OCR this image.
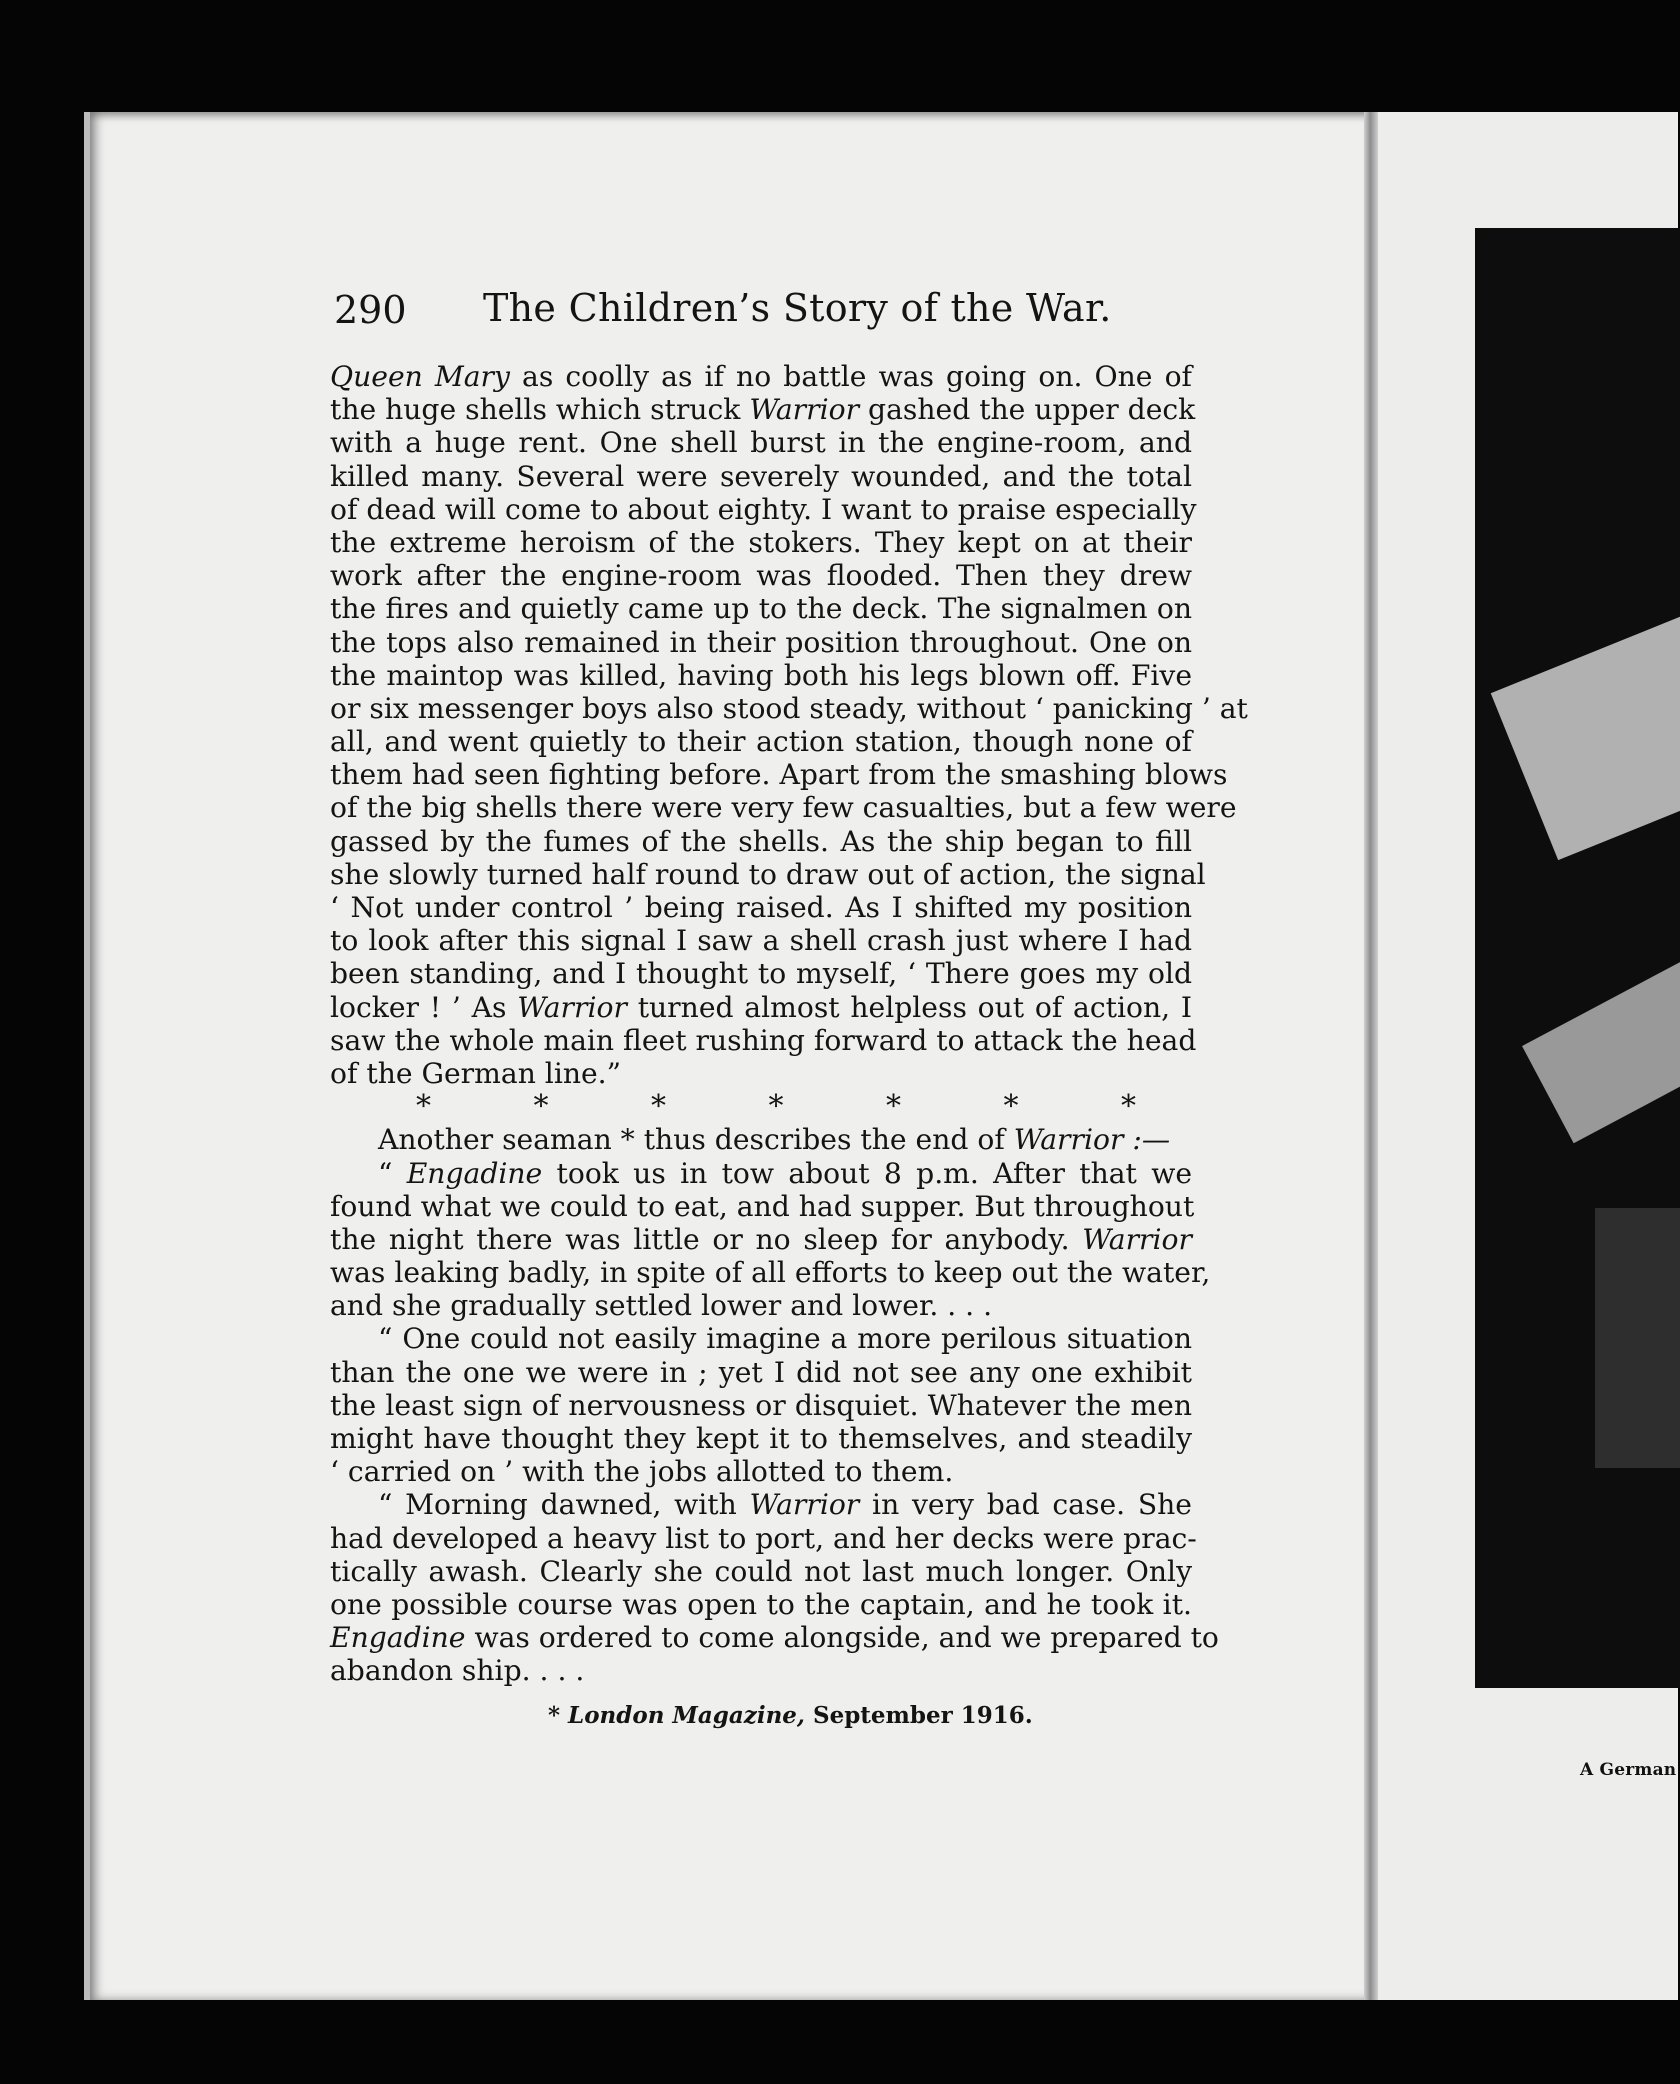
A German
290 The Children’s Story of the War.
Queen Mary as coolly as if no battle was going on. One of
the huge shells which struck Warrior gashed the upper deck
with a huge rent. One shell burst in the engine-room, and
killed many. Several were severely wounded, and the total
of dead will come to about eighty. I want to praise especially
the extreme heroism of the stokers. They kept on at their
work after the engine-room was flooded. Then they drew
the fires and quietly came up to the deck. The signalmen on
the tops also remained in their position throughout. One on
the maintop was killed, having both his legs blown off. Five
or six messenger boys also stood steady, without ‘ panicking ’ at
all, and went quietly to their action station, though none of
them had seen fighting before. Apart from the smashing blows
of the big shells there were very few casualties, but a few were
gassed by the fumes of the shells. As the ship began to fill
she slowly turned half round to draw out of action, the signal
‘ Not under control ’ being raised. As I shifted my position
to look after this signal I saw a shell crash just where I had
been standing, and I thought to myself, ‘ There goes my old
locker ! ’ As Warrior turned almost helpless out of action, I
saw the whole main fleet rushing forward to attack the head
of the German line.”
*	*	*	*	*	*	*
Another seaman * thus describes the end of Warrior :—
“ Engadine took us in tow about 8 p.m. After that we
found what we could to eat, and had supper. But throughout
the night there was little or no sleep for anybody. Warrior
was leaking badly, in spite of all efforts to keep out the water,
and she gradually settled lower and lower. . . .
“ One could not easily imagine a more perilous situation
than the one we were in ; yet I did not see any one exhibit
the least sign of nervousness or disquiet. Whatever the men
might have thought they kept it to themselves, and steadily
‘ carried on ’ with the jobs allotted to them.
“ Morning dawned, with Warrior in very bad case. She
had developed a heavy list to port, and her decks were prac-
tically awash. Clearly she could not last much longer. Only
one possible course was open to the captain, and he took it.
Engadine was ordered to come alongside, and we prepared to
abandon ship. . . .
* London Magazine, September 1916.
